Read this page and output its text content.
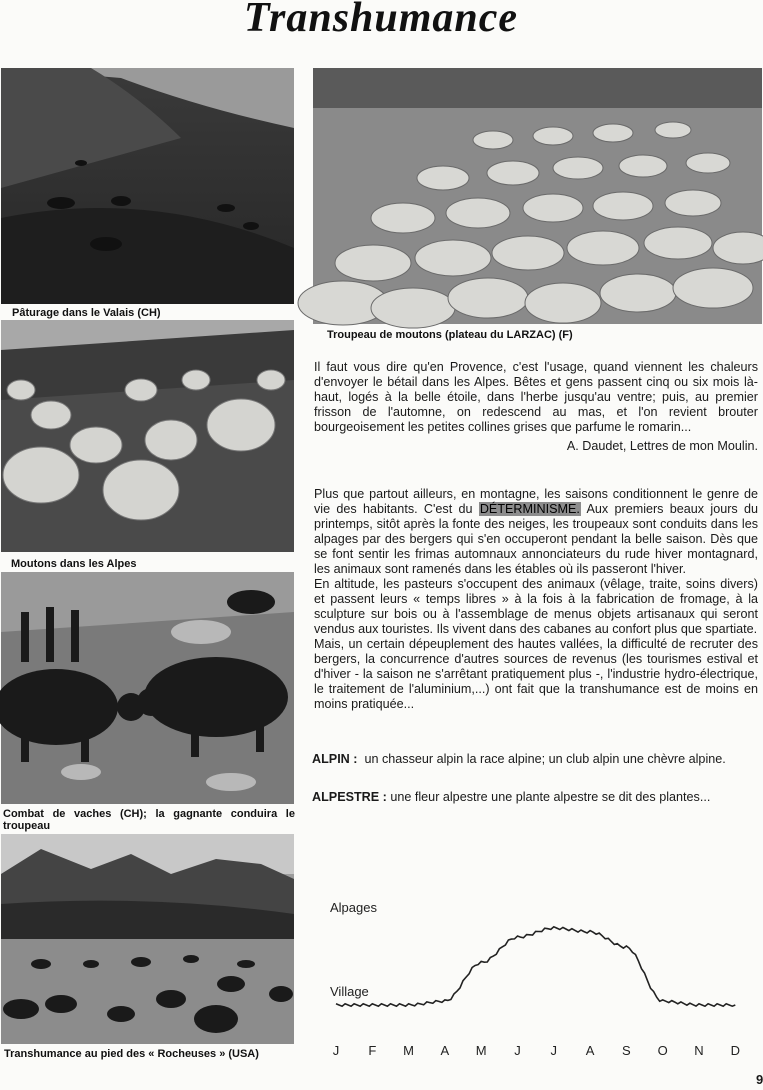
Transhumance
Pâturage dans le Valais (CH)
Troupeau de moutons (plateau du LARZAC) (F)
Moutons dans les Alpes
Combat de vaches (CH); la gagnante conduira le troupeau
Transhumance au pied des « Rocheuses » (USA)

Il faut vous dire qu'en Provence, c'est l'usage, quand viennent les chaleurs d'envoyer le bétail dans les Alpes. Bêtes et gens passent cinq ou six mois là-haut, logés à la belle étoile, dans l'herbe jusqu'au ventre; puis, au premier frisson de l'automne, on redescend au mas, et l'on revient brouter bourgeoisement les petites collines grises que parfume le romarin...

A. Daudet, Lettres de mon Moulin.

Plus que partout ailleurs, en montagne, les saisons conditionnent le genre de vie des habitants. C'est du DÉTERMINISME. Aux premiers beaux jours du printemps, sitôt après la fonte des neiges, les troupeaux sont conduits dans les alpages par des bergers qui s'en occuperont pendant la belle saison. Dès que se font sentir les frimas automnaux annonciateurs du rude hiver montagnard, les animaux sont ramenés dans les étables où ils passeront l'hiver.

En altitude, les pasteurs s'occupent des animaux (vêlage, traite, soins divers) et passent leurs « temps libres » à la fois à la fabrication de fromage, à la sculpture sur bois ou à l'assemblage de menus objets artisanaux qui seront vendus aux touristes. Ils vivent dans des cabanes au confort plus que spartiate.

Mais, un certain dépeuplement des hautes vallées, la difficulté de recruter des bergers, la concurrence d'autres sources de revenus (les tourismes estival et d'hiver - la saison ne s'arrêtant pratiquement plus -, l'industrie hydro-électrique, le traitement de l'aluminium,...) ont fait que la transhumance est de moins en moins pratiquée...

ALPIN : un chasseur alpin la race alpine; un club alpin une chèvre alpine.
ALPESTRE : une fleur alpestre une plante alpestre se dit des plantes...
Alpages
Village
J	F	M	A	M	J	J	A	S	O	N	D
9
